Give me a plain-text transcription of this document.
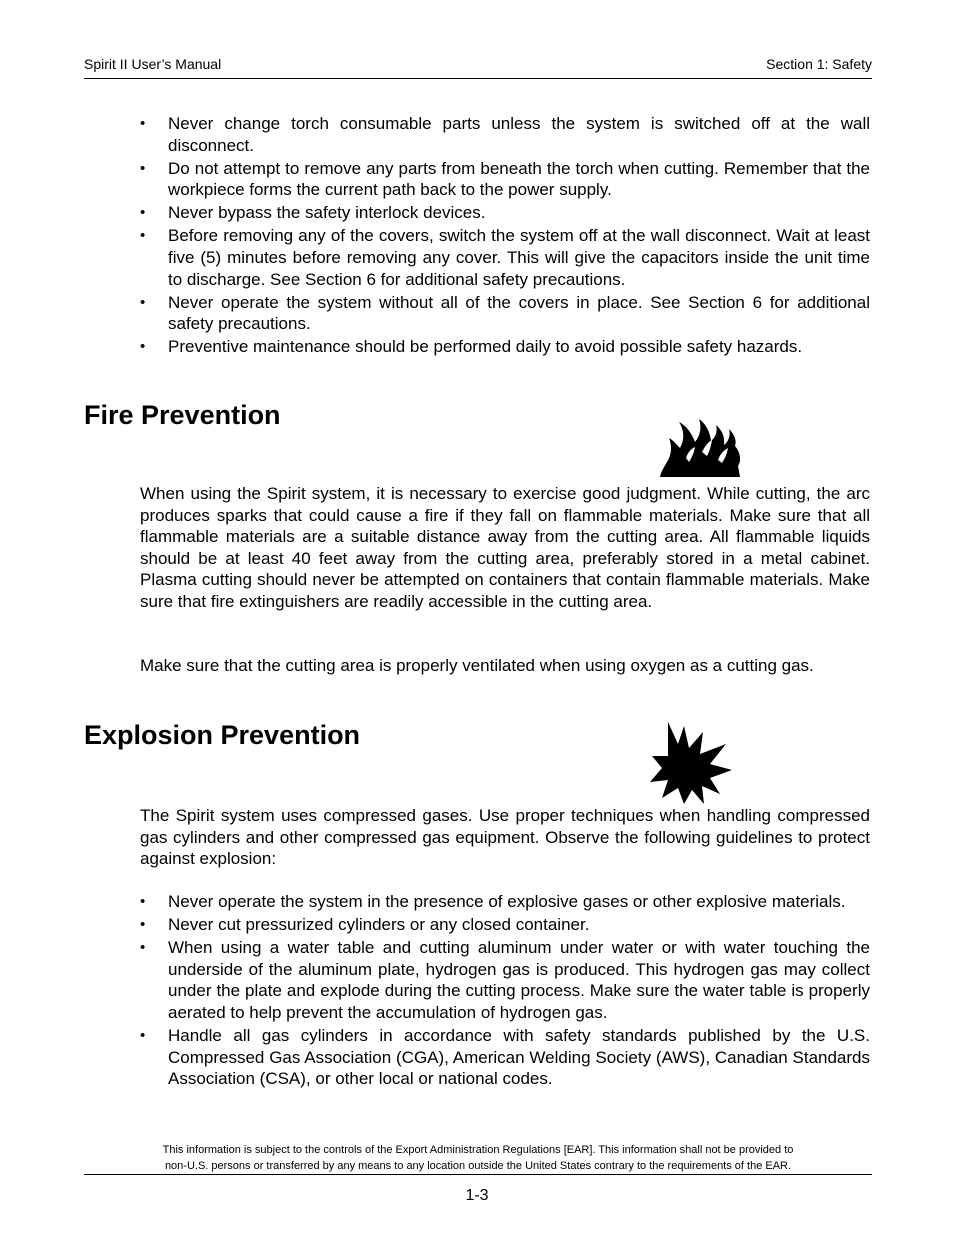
Spirit II User’s Manual	Section 1: Safety
• Never change torch consumable parts unless the system is switched off at the wall disconnect.
• Do not attempt to remove any parts from beneath the torch when cutting. Remember that the workpiece forms the current path back to the power supply.
• Never bypass the safety interlock devices.
• Before removing any of the covers, switch the system off at the wall disconnect. Wait at least five (5) minutes before removing any cover. This will give the capacitors inside the unit time to discharge. See Section 6 for additional safety precautions.
• Never operate the system without all of the covers in place. See Section 6 for additional safety precautions.
• Preventive maintenance should be performed daily to avoid possible safety hazards.
Fire Prevention

When using the Spirit system, it is necessary to exercise good judgment. While cutting, the arc produces sparks that could cause a fire if they fall on flammable materials. Make sure that all flammable materials are a suitable distance away from the cutting area. All flammable liquids should be at least 40 feet away from the cutting area, preferably stored in a metal cabinet. Plasma cutting should never be attempted on containers that contain flammable materials. Make sure that fire extinguishers are readily accessible in the cutting area.

Make sure that the cutting area is properly ventilated when using oxygen as a cutting gas.

Explosion Prevention

The Spirit system uses compressed gases. Use proper techniques when handling compressed gas cylinders and other compressed gas equipment. Observe the following guidelines to protect against explosion:

• Never operate the system in the presence of explosive gases or other explosive materials.
• Never cut pressurized cylinders or any closed container.
• When using a water table and cutting aluminum under water or with water touching the underside of the aluminum plate, hydrogen gas is produced. This hydrogen gas may collect under the plate and explode during the cutting process. Make sure the water table is properly aerated to help prevent the accumulation of hydrogen gas.
• Handle all gas cylinders in accordance with safety standards published by the U.S. Compressed Gas Association (CGA), American Welding Society (AWS), Canadian Standards Association (CSA), or other local or national codes.
This information is subject to the controls of the Export Administration Regulations [EAR]. This information shall not be provided to
non-U.S. persons or transferred by any means to any location outside the United States contrary to the requirements of the EAR.
1-3
